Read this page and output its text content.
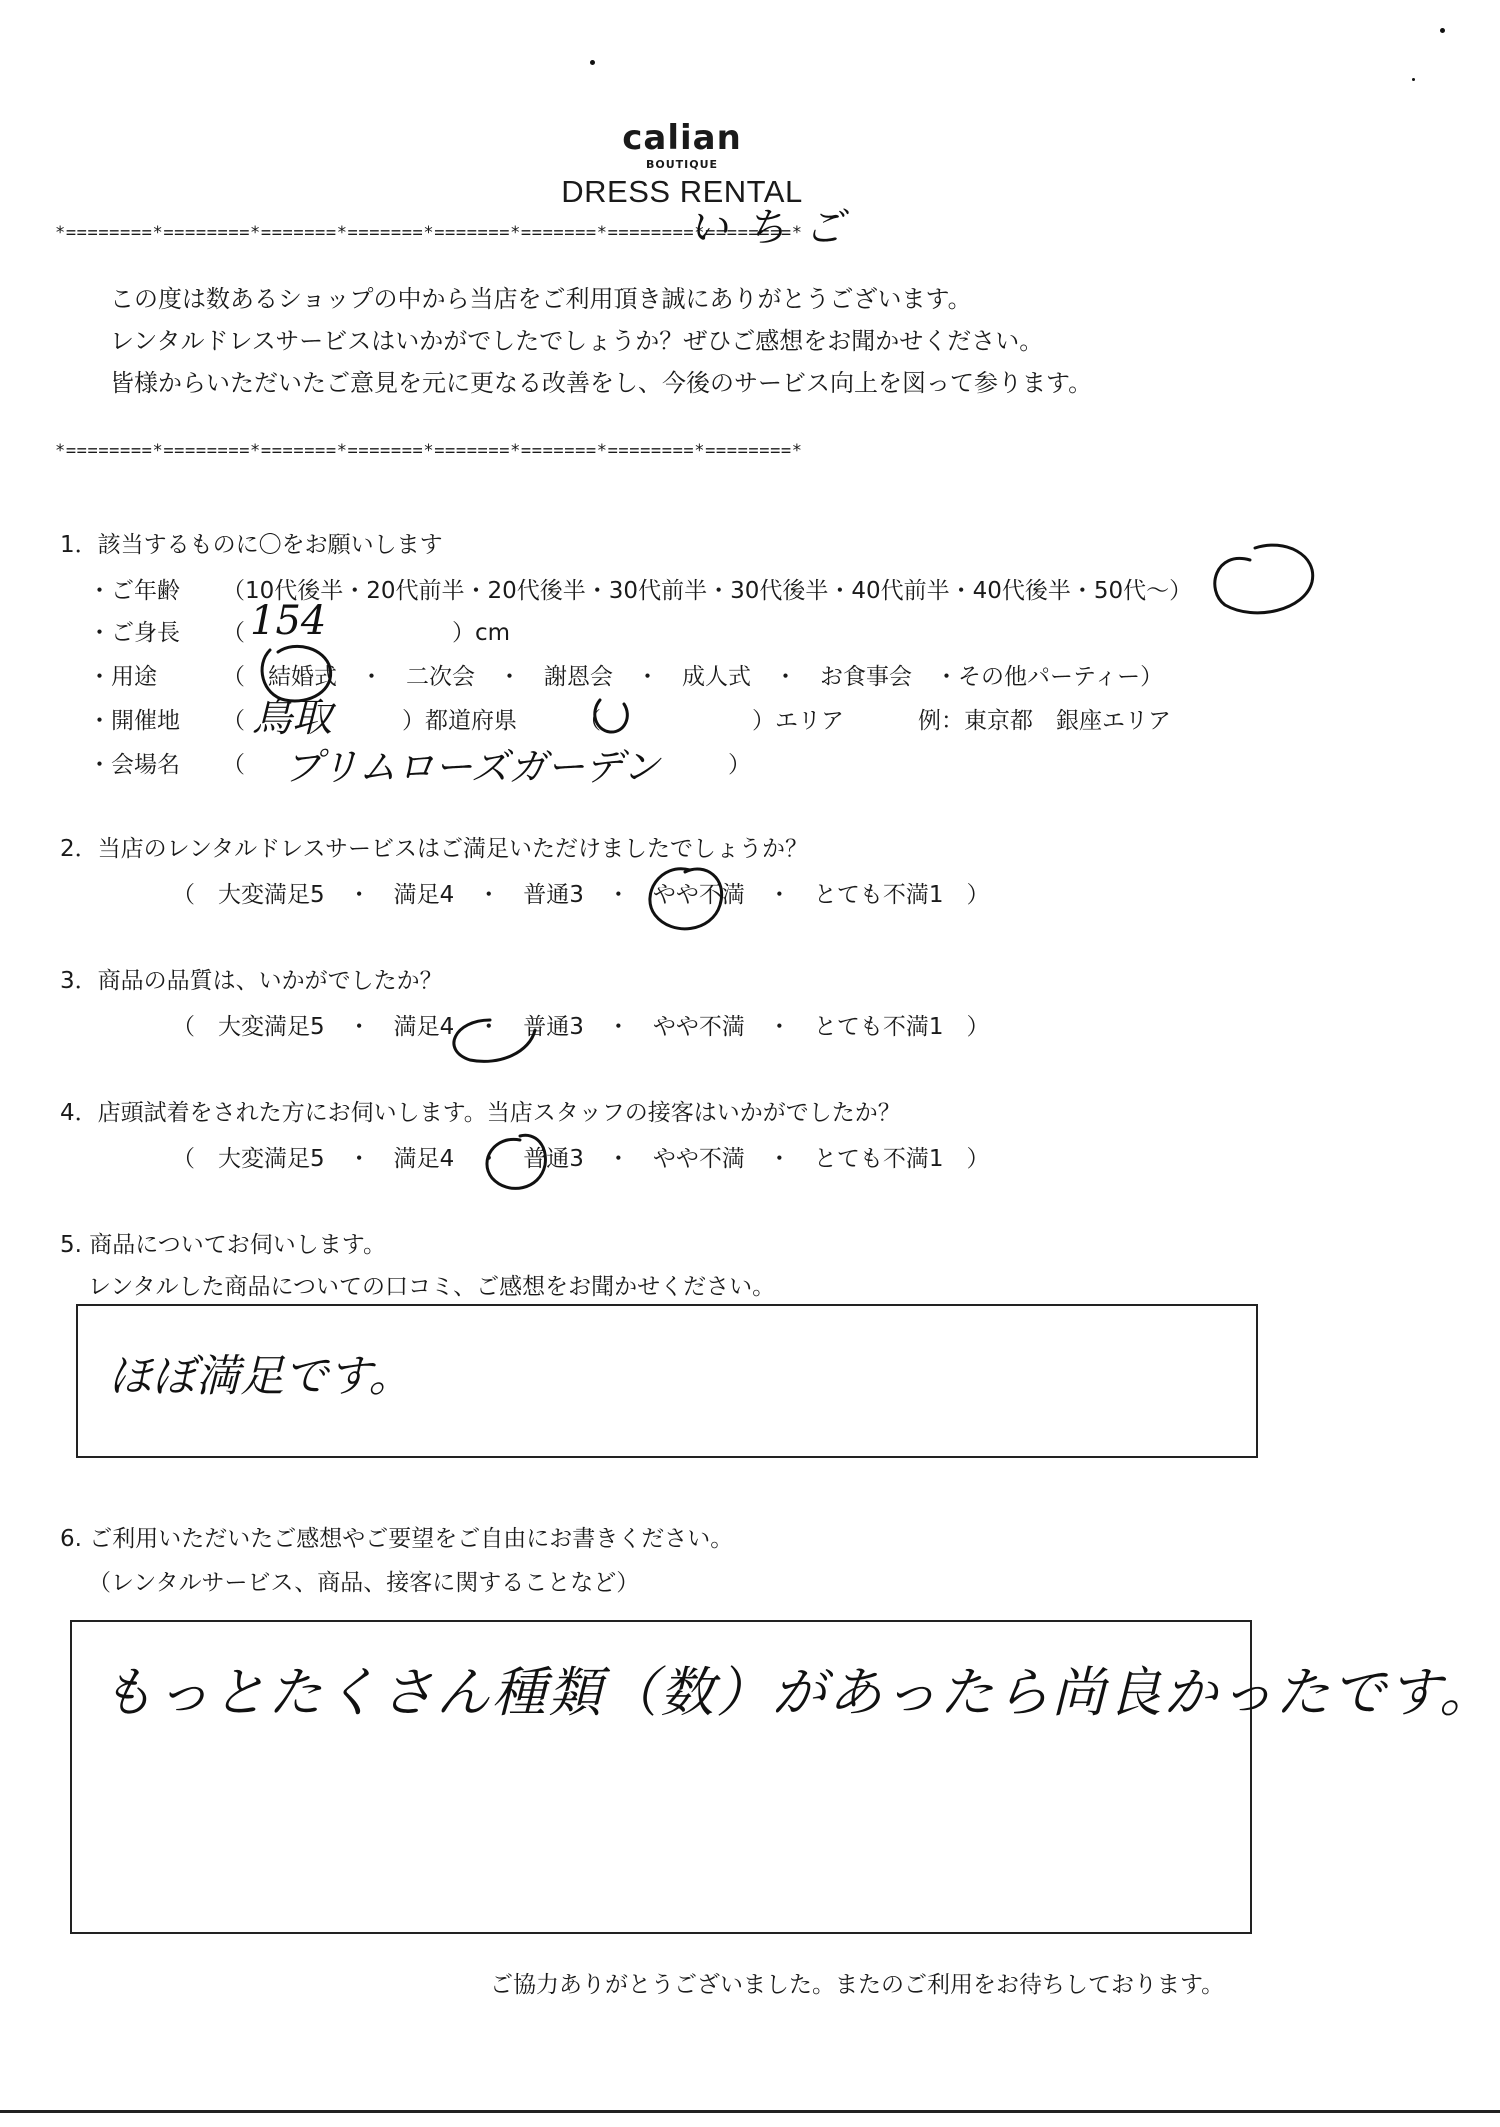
calian
BOUTIQUE
DRESS RENTAL
*========*========*=======*=======*=======*=======*========*========*
いちご
この度は数あるショップの中から当店をご利用頂き誠にありがとうございます。
レンタルドレスサービスはいかがでしたでしょうか？ぜひご感想をお聞かせください。
皆様からいただいたご意見を元に更なる改善をし、今後のサービス向上を図って参ります。
*========*========*=======*=======*=======*=======*========*========*
1．該当するものに〇をお願いします
・ご年齢 （10代後半・20代前半・20代後半・30代前半・30代後半・40代前半・40代後半・50代～）
・ご身長 （ 154	）cm
・用途	（　結婚式　・　二次会　・　謝恩会　・　成人式　・　お食事会　・その他パーティー）
・開催地 （ 鳥取	）都道府県	（	）エリア	例：東京都　銀座エリア
・会場名 （ プリムローズガーデン	）
2．当店のレンタルドレスサービスはご満足いただけましたでしょうか？
（　大変満足5　・　満足4　・　普通3　・　やや不満　・　とても不満1　）
3．商品の品質は、いかがでしたか？
（　大変満足5　・　満足4　・　普通3　・　やや不満　・　とても不満1　）
4．店頭試着をされた方にお伺いします。当店スタッフの接客はいかがでしたか？
（　大変満足5　・　満足4　・　普通3　・　やや不満　・　とても不満1　）
5. 商品についてお伺いします。
レンタルした商品についての口コミ、ご感想をお聞かせください。
ほぼ満足です。
6. ご利用いただいたご感想やご要望をご自由にお書きください。
（レンタルサービス、商品、接客に関することなど）
もっとたくさん種類（数）があったら尚良かったです。
ご協力ありがとうございました。またのご利用をお待ちしております。
